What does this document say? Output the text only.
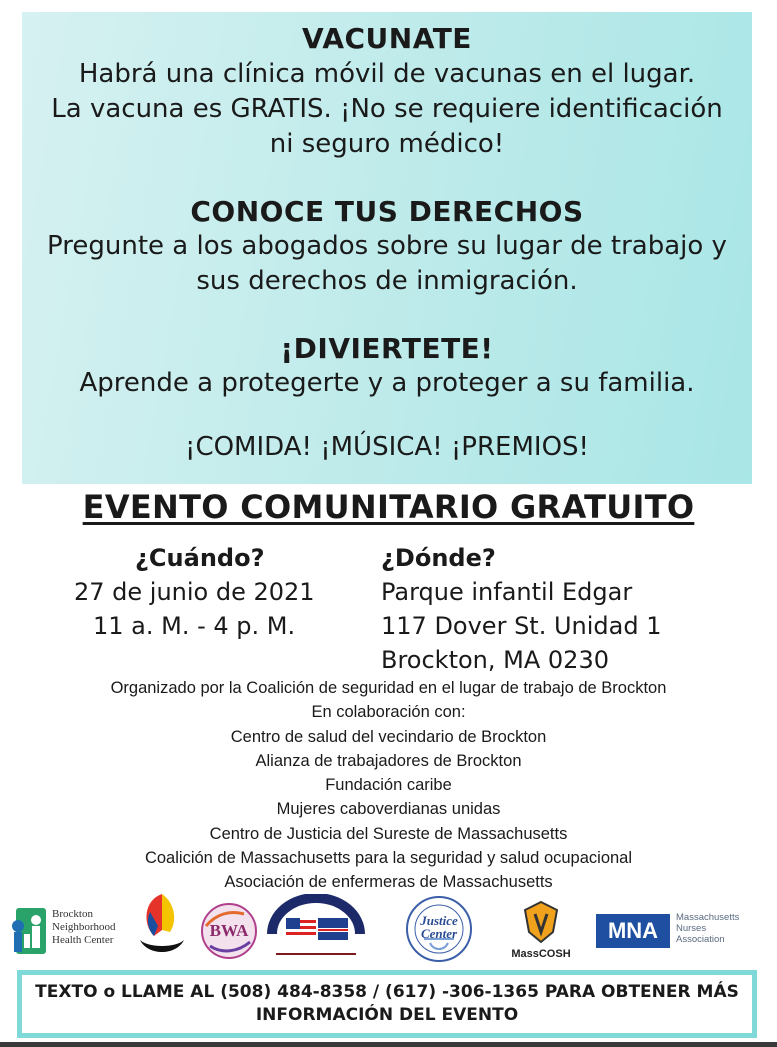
VACUNATE
Habrá una clínica móvil de vacunas en el lugar.
La vacuna es GRATIS. ¡No se requiere identificación
ni seguro médico!
CONOCE TUS DERECHOS
Pregunte a los abogados sobre su lugar de trabajo y
sus derechos de inmigración.
¡DIVIERTETE!
Aprende a protegerte y a proteger a su familia.
¡COMIDA! ¡MÚSICA! ¡PREMIOS!
EVENTO COMUNITARIO GRATUITO
¿Cuándo?
27 de junio de 2021
11 a. M. - 4 p. M.
¿Dónde?
Parque infantil Edgar
117 Dover St. Unidad 1
Brockton, MA 0230
Organizado por la Coalición de seguridad en el lugar de trabajo de Brockton
En colaboración con:
Centro de salud del vecindario de Brockton
Alianza de trabajadores de Brockton
Fundación caribe
Mujeres caboverdianas unidas
Centro de Justicia del Sureste de Massachusetts
Coalición de Massachusetts para la seguridad y salud ocupacional
Asociación de enfermeras de Massachusetts
Brockton Neighborhood Health Center	BWA
Justice Center
MassCOSH
MNA
Massachusetts Nurses Association
TEXTO o LLAME AL (508) 484-8358 / (617) -306-1365 PARA OBTENER MÁS
INFORMACIÓN DEL EVENTO
